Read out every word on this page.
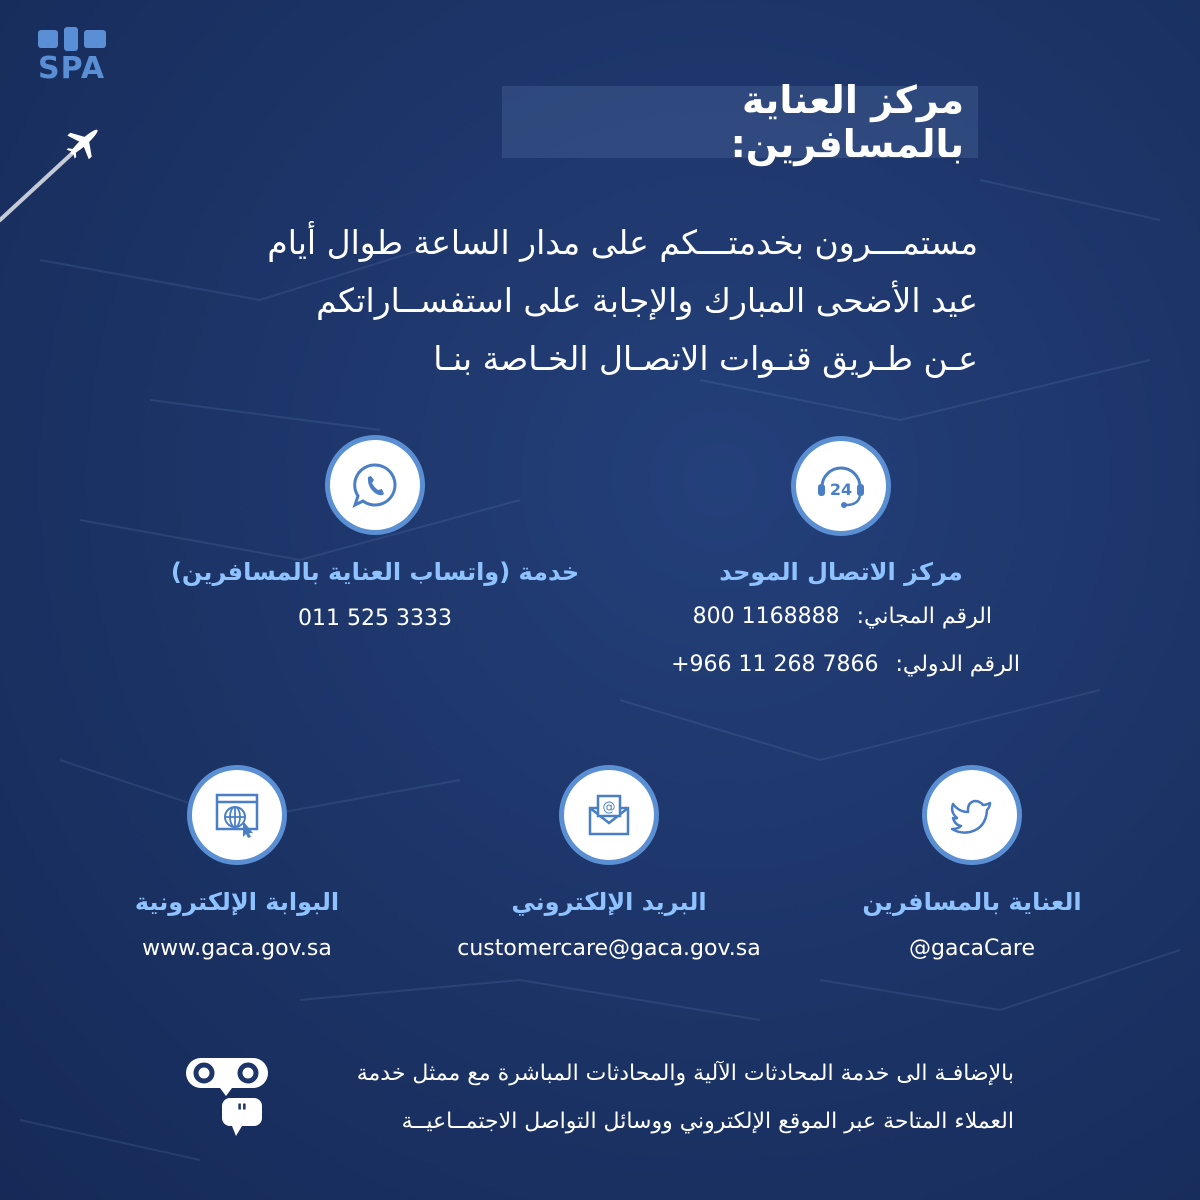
SPA
مركز العناية بالمسافرين:
مستمـــرون بخدمتـــكم على مدار الساعة طوال أيام
عيد الأضحى المبارك والإجابة على استفســاراتكم
عـن طـريق قنـوات الاتصـال الخـاصة بنـا
24
مركز الاتصال الموحد
الرقم المجاني: 800 1168888
الرقم الدولي: +966 11 268 7866
خدمة (واتساب العناية بالمسافرين)
011 525 3333
العناية بالمسافرين
@gacaCare
@
البريد الإلكتروني
customercare@gaca.gov.sa
البوابة الإلكترونية
www.gaca.gov.sa
بالإضافـة الى خدمة المحادثات الآلية والمحادثات المباشرة مع ممثل خدمة
العملاء المتاحة عبر الموقع الإلكتروني ووسائل التواصل الاجتمــاعيــة
"
